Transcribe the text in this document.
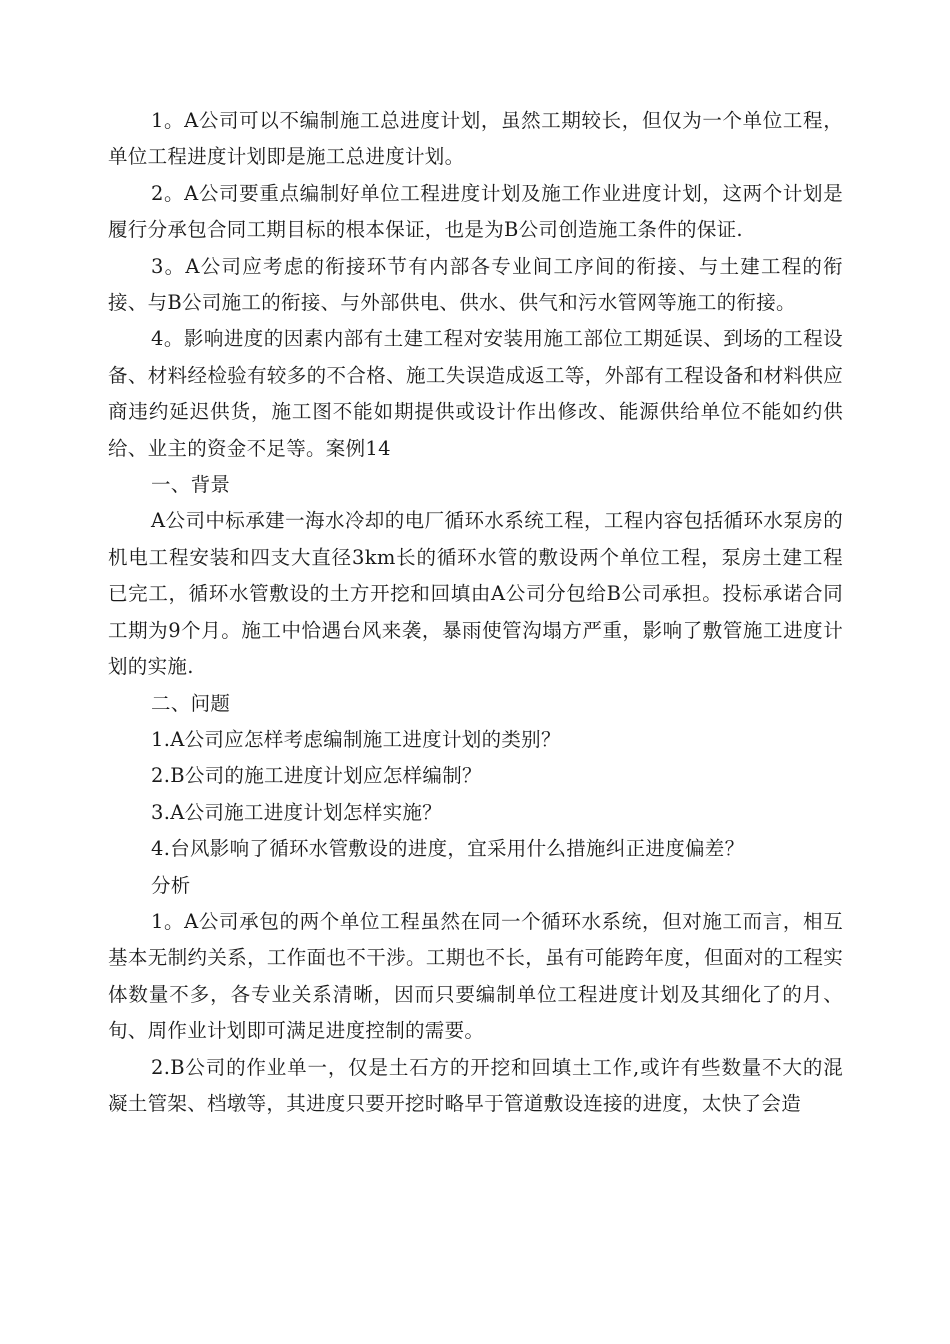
1。A公司可以不编制施工总进度计划，虽然工期较长，但仅为一个单位工程，单位工程进度计划即是施工总进度计划。

2。A公司要重点编制好单位工程进度计划及施工作业进度计划，这两个计划是履行分承包合同工期目标的根本保证，也是为B公司创造施工条件的保证.

3。A公司应考虑的衔接环节有内部各专业间工序间的衔接、与土建工程的衔接、与B公司施工的衔接、与外部供电、供水、供气和污水管网等施工的衔接。

4。影响进度的因素内部有土建工程对安装用施工部位工期延误、到场的工程设备、材料经检验有较多的不合格、施工失误造成返工等，外部有工程设备和材料供应商违约延迟供货，施工图不能如期提供或设计作出修改、能源供给单位不能如约供给、业主的资金不足等。案例14

一、背景

A公司中标承建一海水冷却的电厂循环水系统工程，工程内容包括循环水泵房的机电工程安装和四支大直径3km长的循环水管的敷设两个单位工程，泵房土建工程已完工，循环水管敷设的土方开挖和回填由A公司分包给B公司承担。投标承诺合同工期为9个月。施工中恰遇台风来袭，暴雨使管沟塌方严重，影响了敷管施工进度计划的实施.

二、问题

1.A公司应怎样考虑编制施工进度计划的类别？

2.B公司的施工进度计划应怎样编制？

3.A公司施工进度计划怎样实施？

4.台风影响了循环水管敷设的进度，宜采用什么措施纠正进度偏差？

分析

1。A公司承包的两个单位工程虽然在同一个循环水系统，但对施工而言，相互基本无制约关系，工作面也不干涉。工期也不长，虽有可能跨年度，但面对的工程实体数量不多，各专业关系清晰，因而只要编制单位工程进度计划及其细化了的月、旬、周作业计划即可满足进度控制的需要。

2.B公司的作业单一，仅是土石方的开挖和回填土工作,或许有些数量不大的混凝土管架、档墩等，其进度只要开挖时略早于管道敷设连接的进度，太快了会造
